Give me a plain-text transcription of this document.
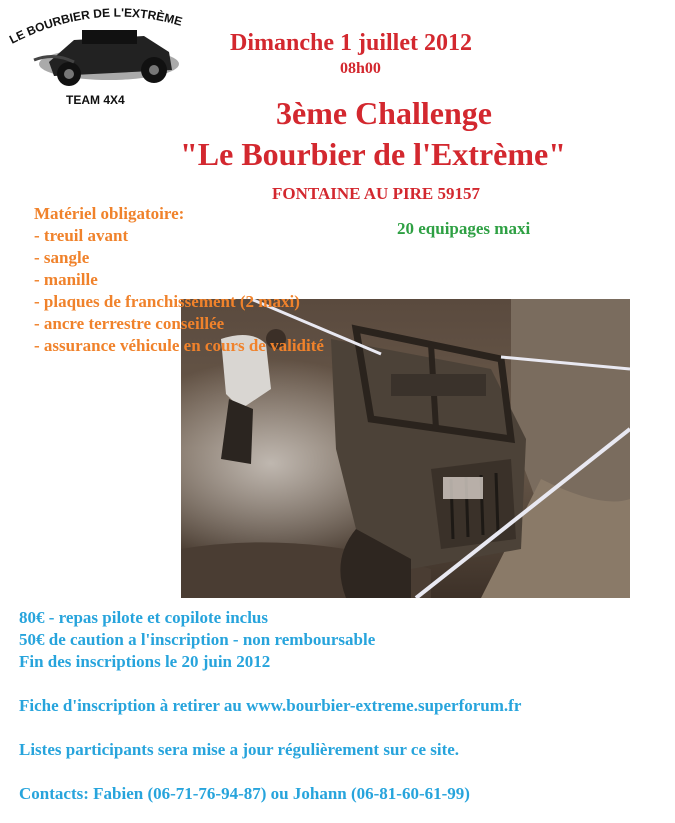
LE BOURBIER DE L'EXTRÈME
TEAM 4X4
Dimanche 1 juillet 2012
08h00
3ème Challenge
"Le Bourbier de l'Extrème"
FONTAINE AU PIRE 59157
20 equipages maxi
Matériel obligatoire:
- treuil avant
- sangle
- manille
- plaques de franchissement (2 maxi)
- ancre terrestre conseillée
- assurance véhicule en cours de validité
80€ - repas pilote et copilote inclus
50€ de caution a l'inscription - non remboursable
Fin des inscriptions le 20 juin 2012
Fiche d'inscription à retirer au www.bourbier-extreme.superforum.fr
Listes participants sera mise a jour régulièrement sur ce site.
Contacts: Fabien (06-71-76-94-87) ou Johann (06-81-60-61-99)
